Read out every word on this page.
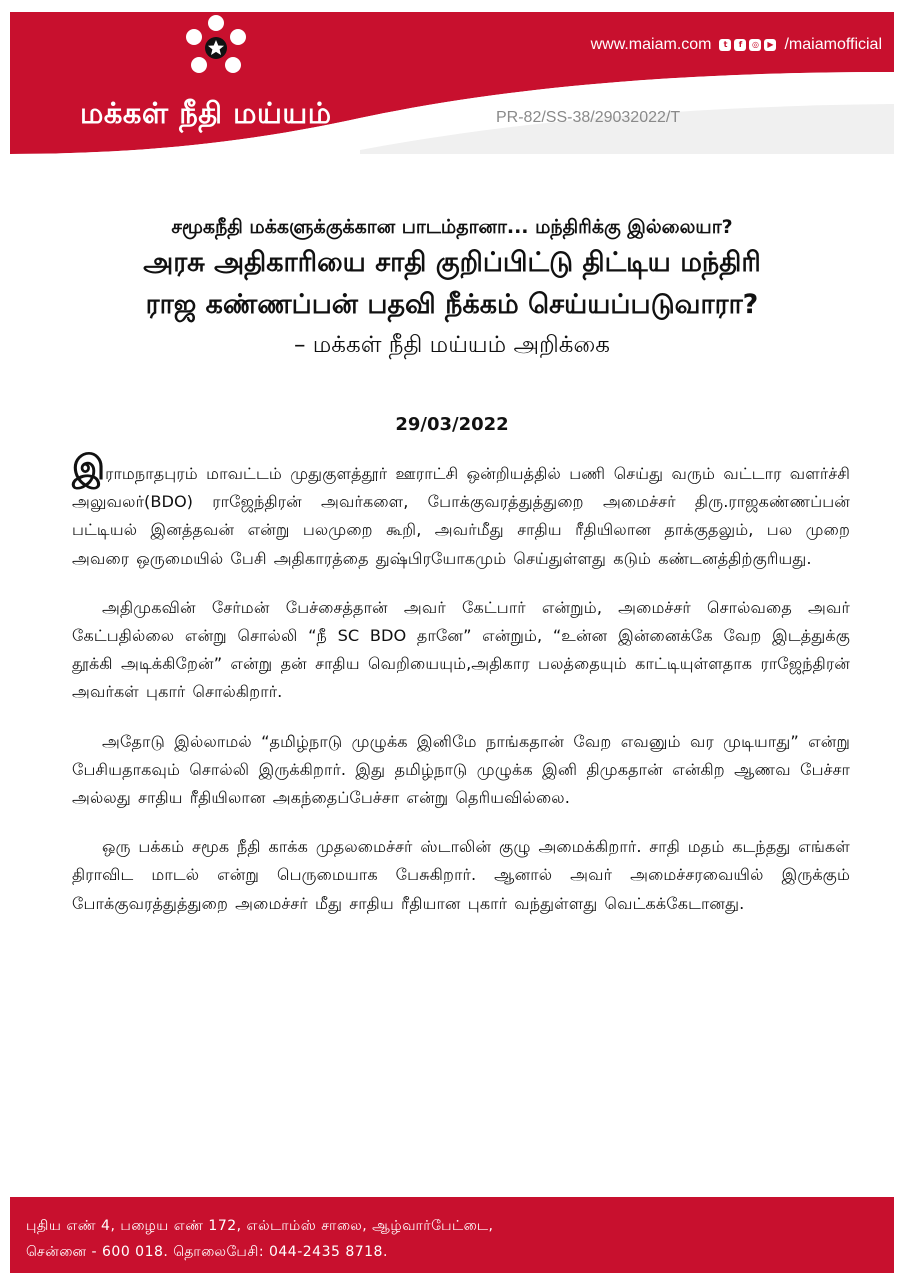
மக்கள் நீதி மய்யம்
www.maiam.com	t	f	◎	▶ /maiamofficial
PR-82/SS-38/29032022/T
சமூகநீதி மக்களுக்குக்கான பாடம்தானா... மந்திரிக்கு இல்லையா?
அரசு அதிகாரியை சாதி குறிப்பிட்டு திட்டிய மந்திரி
ராஜ கண்ணப்பன் பதவி நீக்கம் செய்யப்படுவாரா?
– மக்கள் நீதி மய்யம் அறிக்கை
29/03/2022

இராமநாதபுரம் மாவட்டம் முதுகுளத்தூர் ஊராட்சி ஒன்றியத்தில் பணி செய்து வரும் வட்டார வளர்ச்சி அலுவலர்(BDO) ராஜேந்திரன் அவர்களை, போக்குவரத்துத்துறை அமைச்சர் திரு.ராஜகண்ணப்பன் பட்டியல் இனத்தவன் என்று பலமுறை கூறி, அவர்மீது சாதிய ரீதியிலான தாக்குதலும், பல முறை அவரை ஒருமையில் பேசி அதிகாரத்தை துஷ்பிரயோகமும் செய்துள்ளது கடும் கண்டனத்திற்குரியது.

அதிமுகவின் சேர்மன் பேச்சைத்தான் அவர் கேட்பார் என்றும், அமைச்சர் சொல்வதை அவர் கேட்பதில்லை என்று சொல்லி “நீ SC BDO தானே” என்றும், “உன்ன இன்னைக்கே வேற இடத்துக்கு தூக்கி அடிக்கிறேன்” என்று தன் சாதிய வெறியையும்,அதிகார பலத்தையும் காட்டியுள்ளதாக ராஜேந்திரன் அவர்கள் புகார் சொல்கிறார்.

அதோடு இல்லாமல் “தமிழ்நாடு முழுக்க இனிமே நாங்கதான் வேற எவனும் வர முடியாது” என்று பேசியதாகவும் சொல்லி இருக்கிறார். இது தமிழ்நாடு முழுக்க இனி திமுகதான் என்கிற ஆணவ பேச்சா அல்லது சாதிய ரீதியிலான அகந்தைப்பேச்சா என்று தெரியவில்லை.

ஒரு பக்கம் சமூக நீதி காக்க முதலமைச்சர் ஸ்டாலின் குழு அமைக்கிறார். சாதி மதம் கடந்தது எங்கள் திராவிட மாடல் என்று பெருமையாக பேசுகிறார். ஆனால் அவர் அமைச்சரவையில் இருக்கும் போக்குவரத்துத்துறை அமைச்சர் மீது சாதிய ரீதியான புகார் வந்துள்ளது வெட்கக்கேடானது.

புதிய எண் 4, பழைய எண் 172, எல்டாம்ஸ் சாலை, ஆழ்வார்பேட்டை,
சென்னை - 600 018. தொலைபேசி: 044-2435 8718.
